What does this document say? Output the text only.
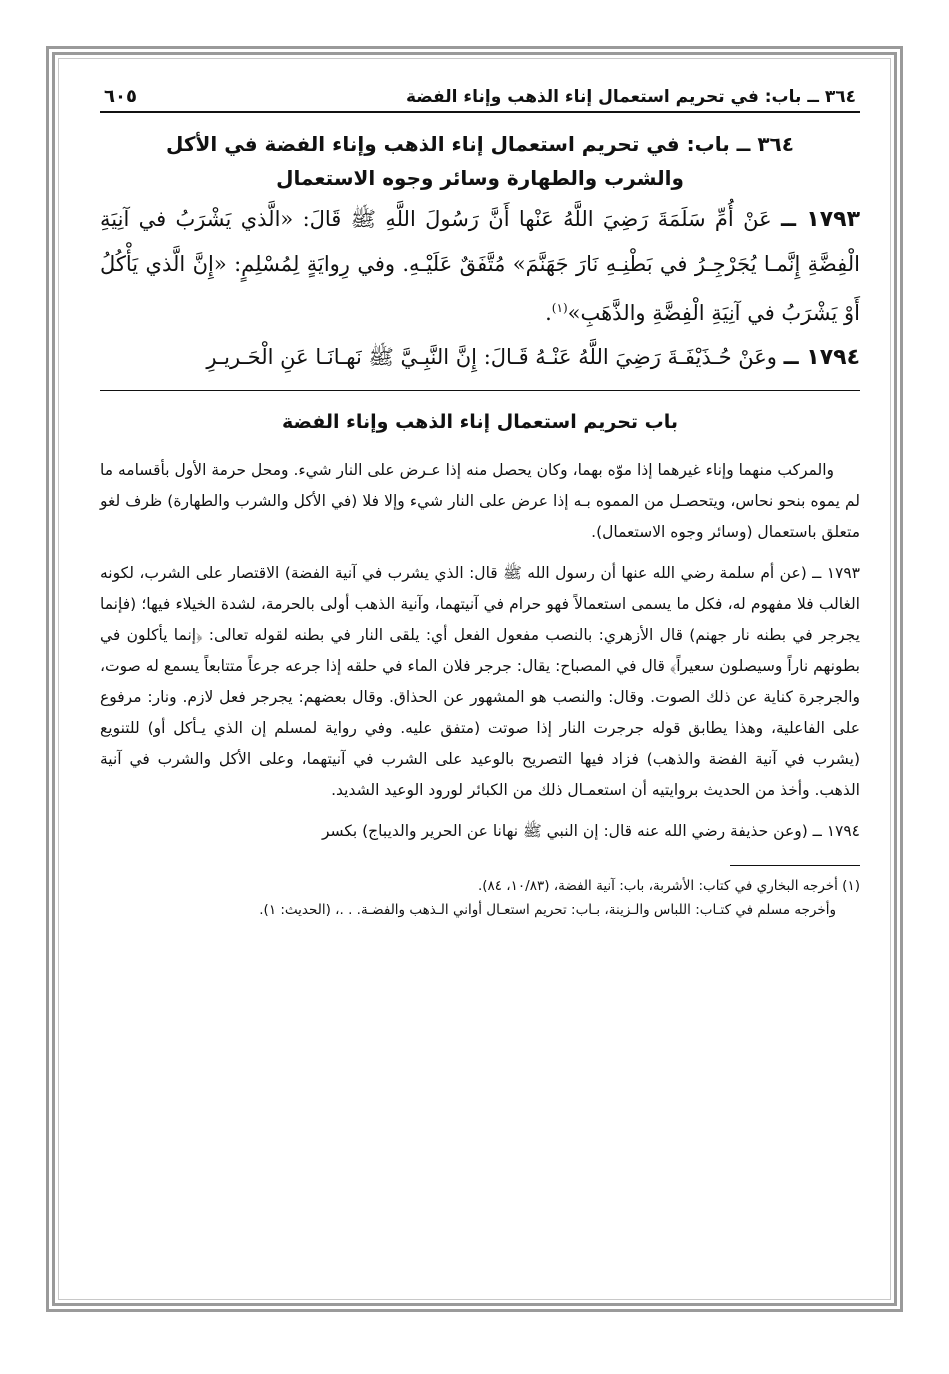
٣٦٤ ــ باب: في تحريم استعمال إناء الذهب وإناء الفضة
٦٠٥
٣٦٤ ــ باب: في تحريم استعمال إناء الذهب وإناء الفضة في الأكل
والشرب والطهارة وسائر وجوه الاستعمال
١٧٩٣ ــ عَنْ أُمِّ سَلَمَةَ رَضِيَ اللَّهُ عَنْها أَنَّ رَسُولَ اللَّهِ ﷺ قَالَ: «الَّذي يَشْرَبُ في آنِيَةِ الْفِضَّةِ إِنَّمـا يُجَرْجِـرُ في بَطْنِـهِ نَارَ جَهَنَّمَ» مُتَّفَقٌ عَلَيْـهِ. وفي رِوايَةٍ لِمُسْلِمٍ: «إِنَّ الَّذي يَأْكُلُ أَوْ يَشْرَبُ في آنِيَةِ الْفِضَّةِ والذَّهَبِ»$^{(١)}$.
١٧٩٤ ــ وعَنْ حُـذَيْفَـةَ رَضِيَ اللَّهُ عَنْـهُ قَـالَ: إِنَّ النَّبِـيَّ ﷺ نَهـانَـا عَنِ الْحَـريـرِ
باب تحريم استعمال إناء الذهب وإناء الفضة

والمركب منهما وإناء غيرهما إذا موّه بهما، وكان يحصل منه إذا عـرض على النار شيء. ومحل حرمة الأول بأقسامه ما لم يموه بنحو نحاس، ويتحصـل من المموه بـه إذا عرض على النار شيء وإلا فلا (في الأكل والشرب والطهارة) ظرف لغو متعلق باستعمال (وسائر وجوه الاستعمال).

١٧٩٣ ــ (عن أم سلمة رضي الله عنها أن رسول الله ﷺ قال: الذي يشرب في آنية الفضة) الاقتصار على الشرب، لكونه الغالب فلا مفهوم له، فكل ما يسمى استعمالاً فهو حرام في آنيتهما، وآنية الذهب أولى بالحرمة، لشدة الخيلاء فيها؛ (فإنما يجرجر في بطنه نار جهنم) قال الأزهري: بالنصب مفعول الفعل أي: يلقى النار في بطنه لقوله تعالى: ﴿إنما يأكلون في بطونهم ناراً وسيصلون سعيراً﴾ قال في المصباح: يقال: جرجر فلان الماء في حلقه إذا جرعه جرعاً متتابعاً يسمع له صوت، والجرجرة كناية عن ذلك الصوت. وقال: والنصب هو المشهور عن الحذاق. وقال بعضهم: يجرجر فعل لازم. ونار: مرفوع على الفاعلية، وهذا يطابق قوله جرجرت النار إذا صوتت (متفق عليه. وفي رواية لمسلم إن الذي يـأكل أو) للتنويع (يشرب في آنية الفضة والذهب) فزاد فيها التصريح بالوعيد على الشرب في آنيتهما، وعلى الأكل والشرب في آنية الذهب. وأخذ من الحديث بروايتيه أن استعمـال ذلك من الكبائر لورود الوعيد الشديد.

١٧٩٤ ــ (وعن حذيفة رضي الله عنه قال: إن النبي ﷺ نهانا عن الحرير والديباج) بكسر

(١) أخرجه البخاري في كتاب: الأشربة، باب: آنية الفضة، (١٠/٨٣، ٨٤).
وأخرجه مسلم في كتـاب: اللباس والـزينة، بـاب: تحريم استعـال أواني الـذهب والفضـة. . .، (الحديث: ١).
